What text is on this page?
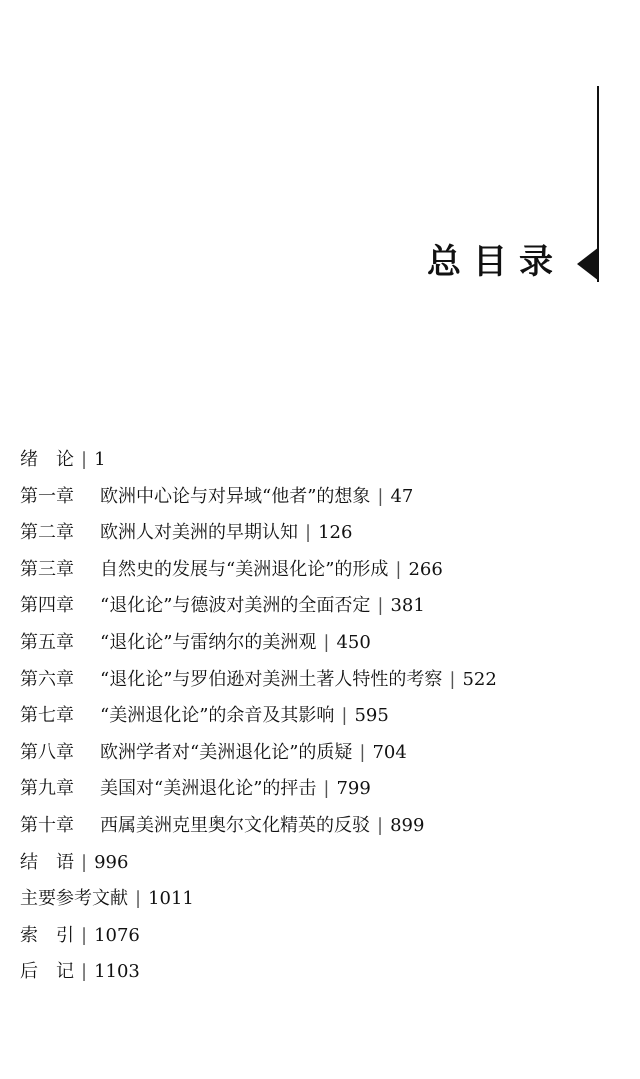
总目录
绪　论 | 1
第一章 欧洲中心论与对异域“他者”的想象 | 47
第二章 欧洲人对美洲的早期认知 | 126
第三章 自然史的发展与“美洲退化论”的形成 | 266
第四章 “退化论”与德波对美洲的全面否定 | 381
第五章 “退化论”与雷纳尔的美洲观 | 450
第六章 “退化论”与罗伯逊对美洲土著人特性的考察 | 522
第七章 “美洲退化论”的余音及其影响 | 595
第八章 欧洲学者对“美洲退化论”的质疑 | 704
第九章 美国对“美洲退化论”的抨击 | 799
第十章 西属美洲克里奥尔文化精英的反驳 | 899
结　语 | 996
主要参考文献 | 1011
索　引 | 1076
后　记 | 1103
